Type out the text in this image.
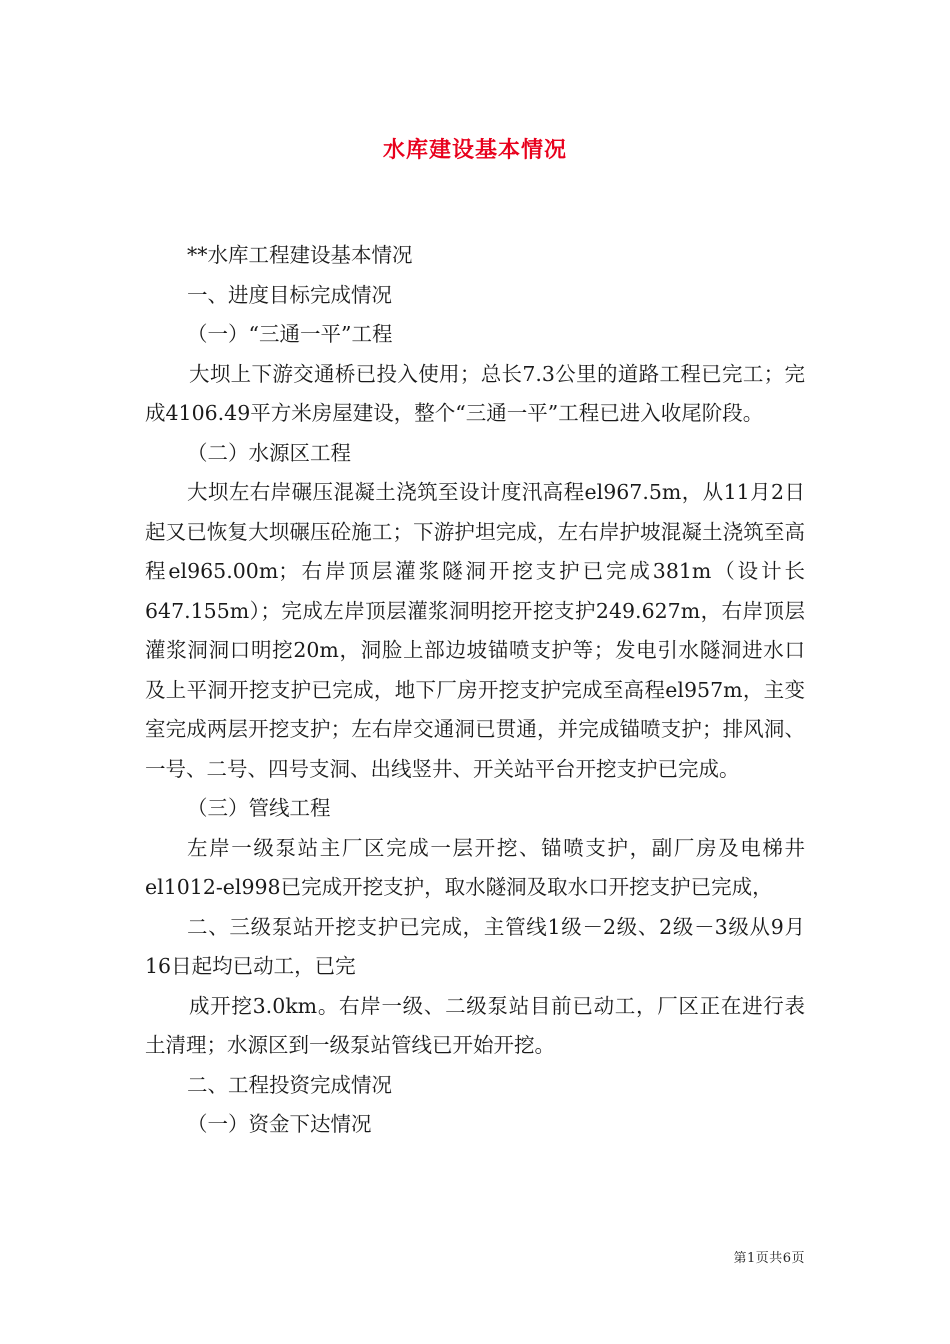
水库建设基本情况

**水库工程建设基本情况

一、进度目标完成情况

（一）“三通一平”工程

大坝上下游交通桥已投入使用；总长7.3公里的道路工程已完工；完成4106.49平方米房屋建设，整个“三通一平”工程已进入收尾阶段。

（二）水源区工程

大坝左右岸碾压混凝土浇筑至设计度汛高程el967.5m，从11月2日起又已恢复大坝碾压砼施工；下游护坦完成，左右岸护坡混凝土浇筑至高程el965.00m；右岸顶层灌浆隧洞开挖支护已完成381m（设计长647.155m）；完成左岸顶层灌浆洞明挖开挖支护249.627m，右岸顶层灌浆洞洞口明挖20m，洞脸上部边坡锚喷支护等；发电引水隧洞进水口及上平洞开挖支护已完成，地下厂房开挖支护完成至高程el957m，主变室完成两层开挖支护；左右岸交通洞已贯通，并完成锚喷支护；排风洞、一号、二号、四号支洞、出线竖井、开关站平台开挖支护已完成。

（三）管线工程

左岸一级泵站主厂区完成一层开挖、锚喷支护，副厂房及电梯井el1012-el998已完成开挖支护，取水隧洞及取水口开挖支护已完成，

二、三级泵站开挖支护已完成，主管线1级－2级、2级－3级从9月16日起均已动工，已完

成开挖3.0km。右岸一级、二级泵站目前已动工，厂区正在进行表土清理；水源区到一级泵站管线已开始开挖。

二、工程投资完成情况

（一）资金下达情况

第1页共6页
